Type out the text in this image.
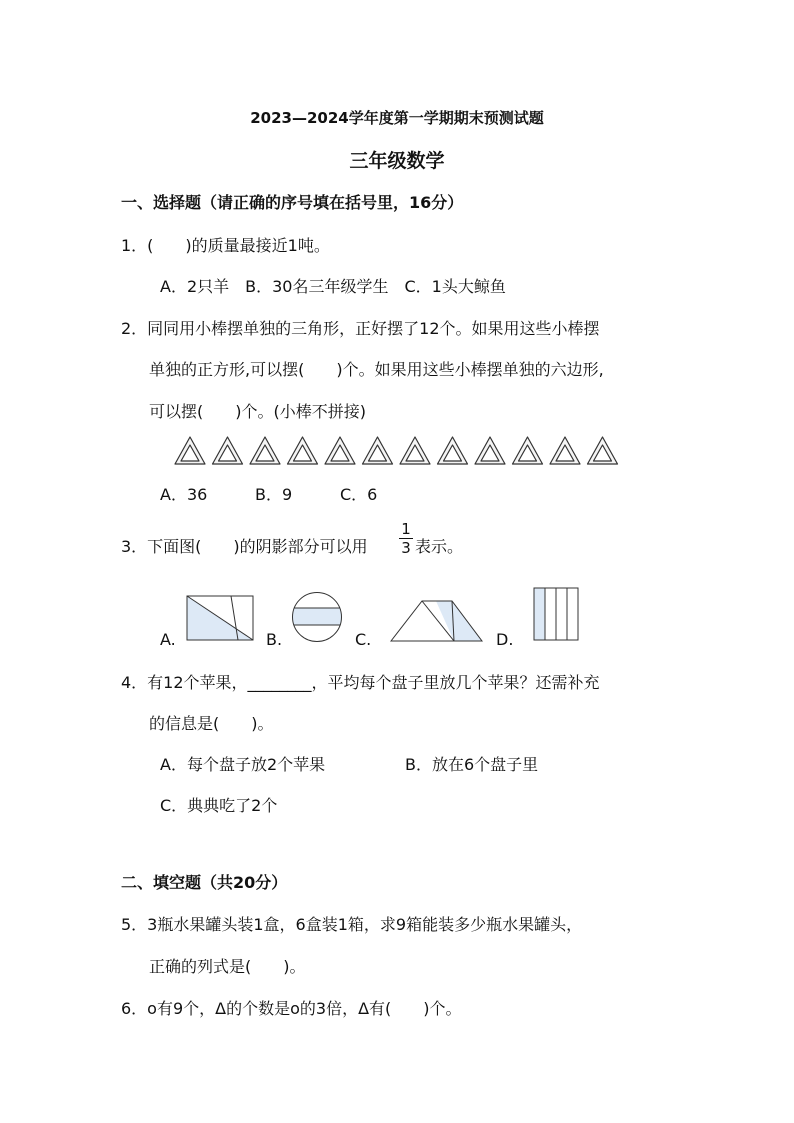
2023—2024学年度第一学期期末预测试题
三年级数学
一、选择题（请正确的序号填在括号里，16分）
1．(　　)的质量最接近1吨。
A．2只羊　B．30名三年级学生　C．1头大鲸鱼
2．同同用小棒摆单独的三角形，正好摆了12个。如果用这些小棒摆
单独的正方形,可以摆(　　)个。如果用这些小棒摆单独的六边形,
可以摆(　　)个。(小棒不拼接)
A．36	B．9	C．6
3．下面图(　　)的阴影部分可以用
1
3 表示。
A.	B.	C.	D.
4．有12个苹果，________，平均每个盘子里放几个苹果？还需补充
的信息是(　　)。
A．每个盘子放2个苹果	B．放在6个盘子里
C．典典吃了2个
二、填空题（共20分）
5．3瓶水果罐头装1盒，6盒装1箱，求9箱能装多少瓶水果罐头，
正确的列式是(　　)。
6．o有9个，Δ的个数是o的3倍，Δ有(　　)个。
